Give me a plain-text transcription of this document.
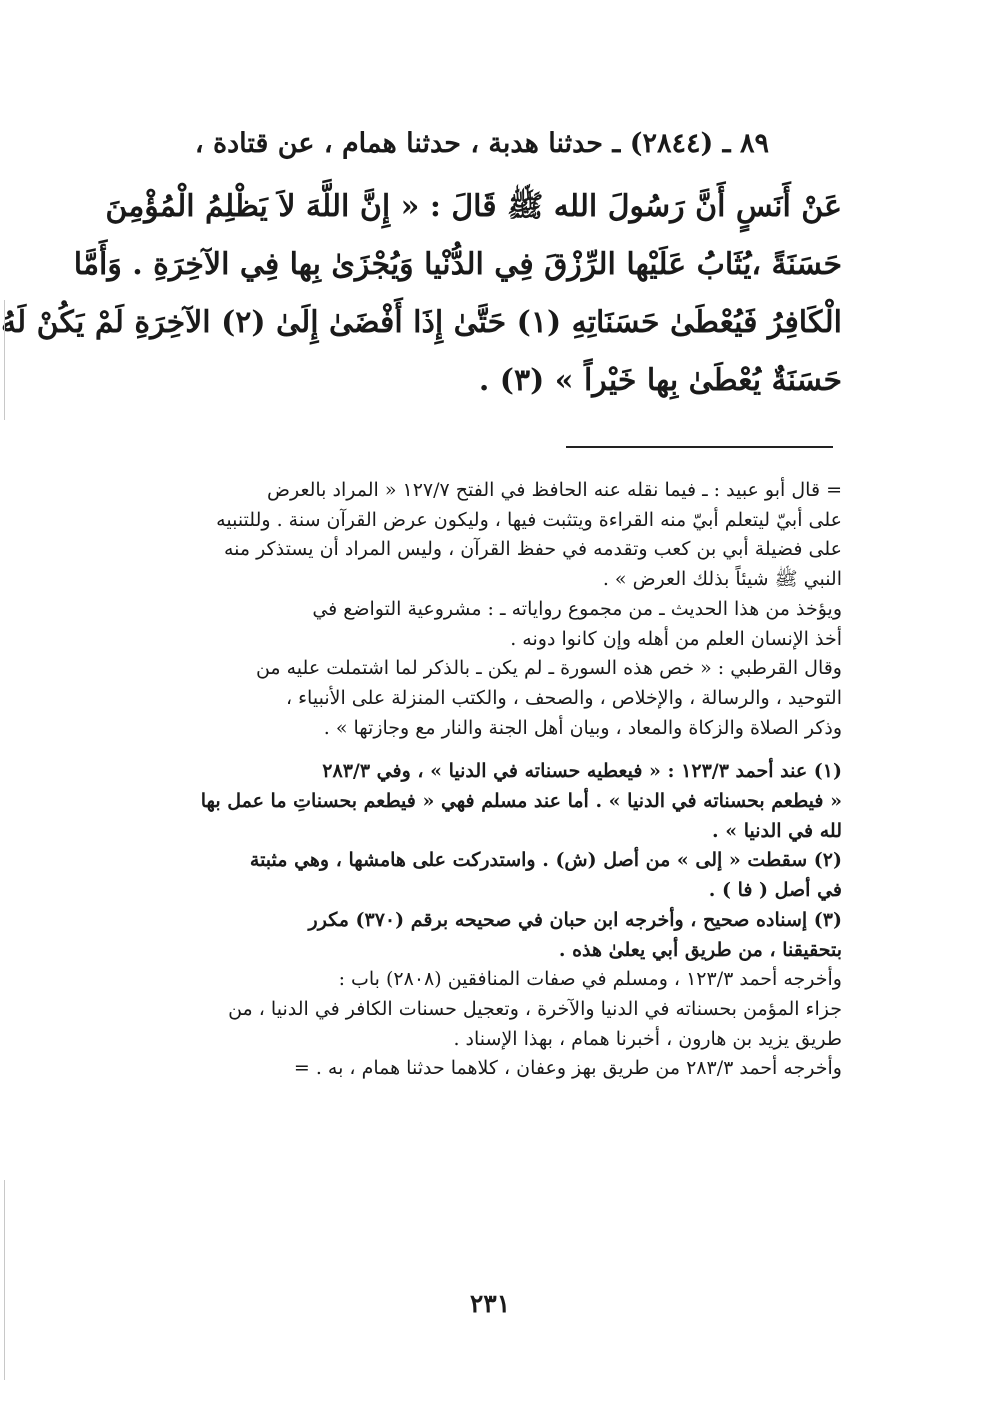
٨٩ ـ (٢٨٤٤) ـ حدثنا هدبة ، حدثنا همام ، عن قتادة ،

عَنْ أَنَسٍ أَنَّ رَسُولَ الله ﷺ قَالَ : « إِنَّ اللَّهَ لاَ يَظْلِمُ الْمُؤْمِنَ

حَسَنَةً ،يُثَابُ عَلَيْها الرِّزْقَ فِي الدُّنْيا وَيُجْزَىٰ بِها فِي الآخِرَةِ . وَأَمَّا

الْكَافِرُ فَيُعْطَىٰ حَسَنَاتِهِ (١) حَتَّىٰ إِذَا أَفْضَىٰ إِلَىٰ (٢) الآخِرَةِ لَمْ يَكُنْ لَهُ

حَسَنَةٌ يُعْطَىٰ بِها خَيْراً » (٣) .

= قال أبو عبيد : ـ فيما نقله عنه الحافظ في الفتح ١٢٧/٧ « المراد بالعرض

على أبيّ ليتعلم أبيّ منه القراءة ويتثبت فيها ، وليكون عرض القرآن سنة . وللتنبيه

على فضيلة أبي بن كعب وتقدمه في حفظ القرآن ، وليس المراد أن يستذكر منه

النبي ﷺ شيئاً بذلك العرض » .

ويؤخذ من هذا الحديث ـ من مجموع رواياته ـ : مشروعية التواضع في

أخذ الإنسان العلم من أهله وإن كانوا دونه .

وقال القرطبي : « خص هذه السورة ـ لم يكن ـ بالذكر لما اشتملت عليه من

التوحيد ، والرسالة ، والإخلاص ، والصحف ، والكتب المنزلة على الأنبياء ،

وذكر الصلاة والزكاة والمعاد ، وبيان أهل الجنة والنار مع وجازتها » .

(١) عند أحمد ١٢٣/٣ : « فيعطيه حسناته في الدنيا » ، وفي ٢٨٣/٣

« فيطعم بحسناته في الدنيا » . أما عند مسلم فهي « فيطعم بحسناتِ ما عمل بها

لله في الدنيا » .

(٢) سقطت « إلى » من أصل (ش) . واستدركت على هامشها ، وهي مثبتة

في أصل ( فا ) .

(٣) إسناده صحيح ، وأخرجه ابن حبان في صحيحه برقم (٣٧٠) مكرر

بتحقيقنا ، من طريق أبي يعلىٰ هذه .

وأخرجه أحمد ١٢٣/٣ ، ومسلم في صفات المنافقين (٢٨٠٨) باب :

جزاء المؤمن بحسناته في الدنيا والآخرة ، وتعجيل حسنات الكافر في الدنيا ، من

طريق يزيد بن هارون ، أخبرنا همام ، بهذا الإسناد .

وأخرجه أحمد ٢٨٣/٣ من طريق بهز وعفان ، كلاهما حدثنا همام ، به . =

٢٣١
